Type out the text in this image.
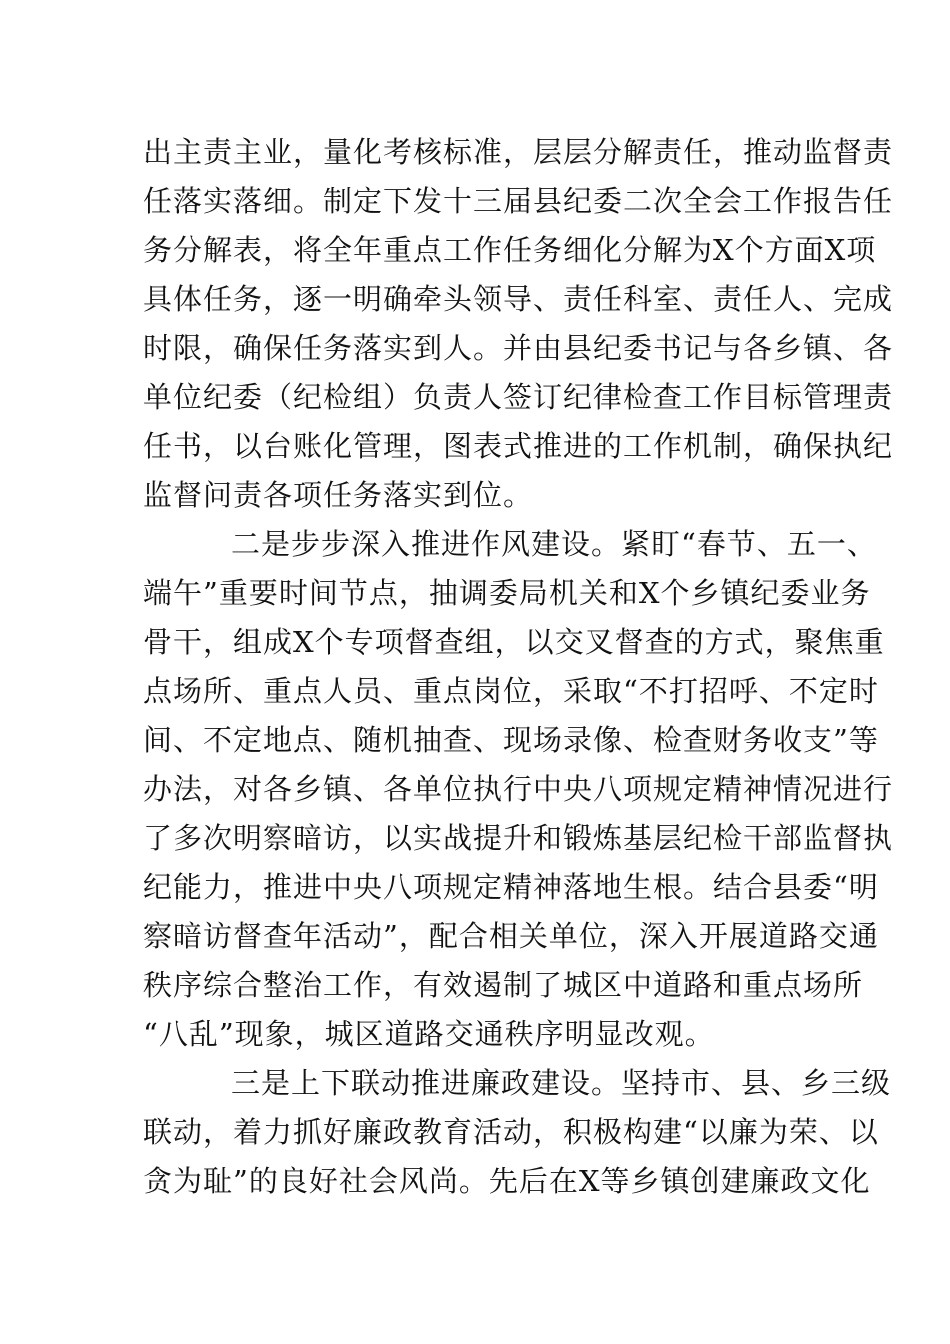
出主责主业，量化考核标准，层层分解责任，推动监督责
任落实落细。制定下发十三届县纪委二次全会工作报告任
务分解表，将全年重点工作任务细化分解为X个方面X项
具体任务，逐一明确牵头领导、责任科室、责任人、完成
时限，确保任务落实到人。并由县纪委书记与各乡镇、各
单位纪委（纪检组）负责人签订纪律检查工作目标管理责
任书，以台账化管理，图表式推进的工作机制，确保执纪
监督问责各项任务落实到位。
二是步步深入推进作风建设。紧盯“春节、五一、
端午”重要时间节点，抽调委局机关和X个乡镇纪委业务
骨干，组成X个专项督查组，以交叉督查的方式，聚焦重
点场所、重点人员、重点岗位，采取“不打招呼、不定时
间、不定地点、随机抽查、现场录像、检查财务收支”等
办法，对各乡镇、各单位执行中央八项规定精神情况进行
了多次明察暗访，以实战提升和锻炼基层纪检干部监督执
纪能力，推进中央八项规定精神落地生根。结合县委“明
察暗访督查年活动”，配合相关单位，深入开展道路交通
秩序综合整治工作，有效遏制了城区中道路和重点场所
“八乱”现象，城区道路交通秩序明显改观。
三是上下联动推进廉政建设。坚持市、县、乡三级
联动，着力抓好廉政教育活动，积极构建“以廉为荣、以
贪为耻”的良好社会风尚。先后在X等乡镇创建廉政文化
